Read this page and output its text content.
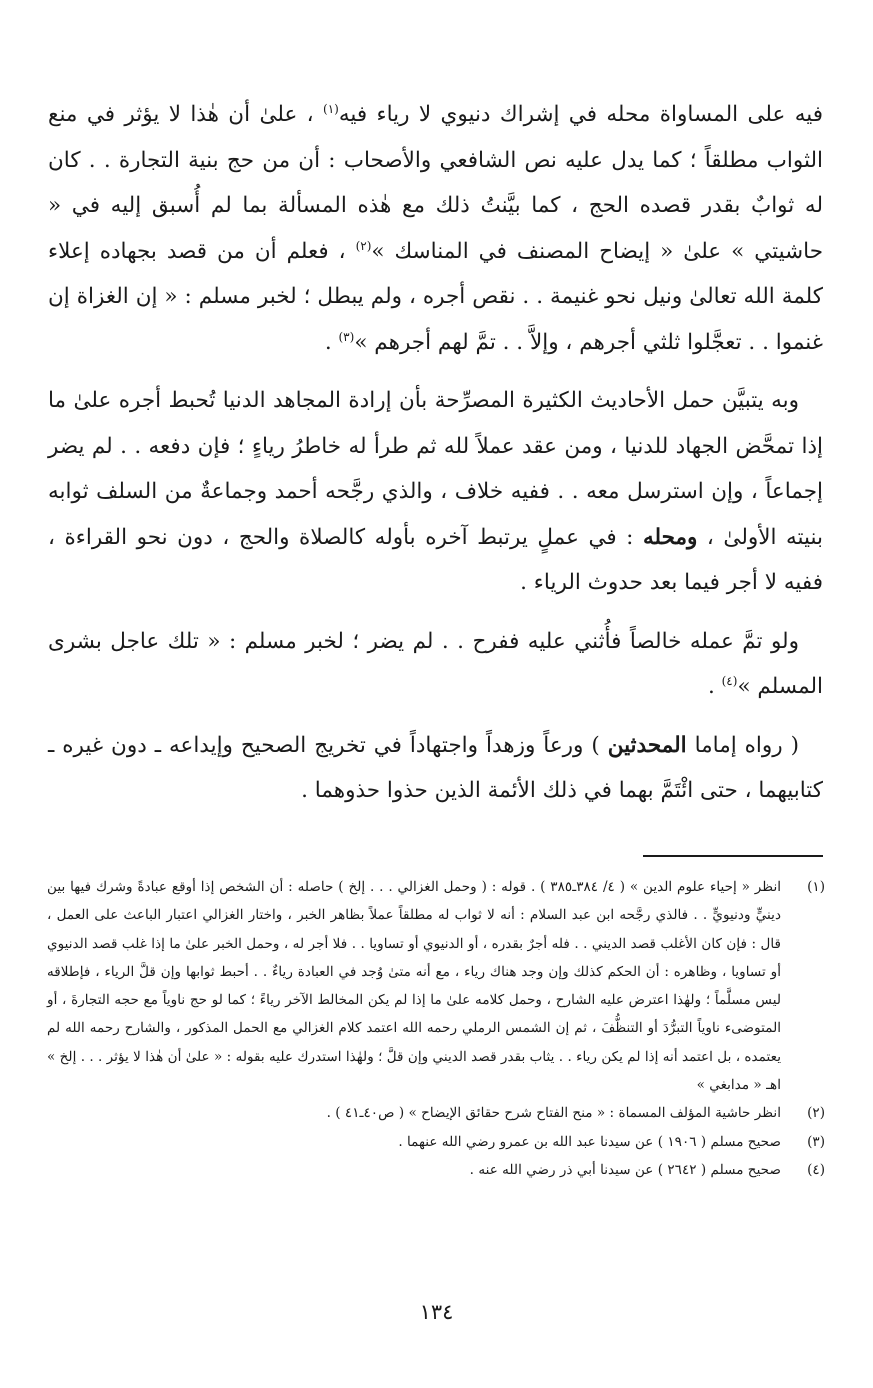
فيه على المساواة محله في إشراك دنيوي لا رياء فيه$^{(١)}$ ، علىٰ أن هٰذا لا يؤثر في منع الثواب مطلقاً ؛ كما يدل عليه نص الشافعي والأصحاب : أن من حج بنية التجارة . . كان له ثوابٌ بقدر قصده الحج ، كما بيَّنتُ ذلك مع هٰذه المسألة بما لم أُسبق إليه في « حاشيتي » علىٰ « إيضاح المصنف في المناسك »$^{(٢)}$ ، فعلم أن من قصد بجهاده إعلاء كلمة الله تعالىٰ ونيل نحو غنيمة . . نقص أجره ، ولم يبطل ؛ لخبر مسلم : « إن الغزاة إن غنموا . . تعجَّلوا ثلثي أجرهم ، وإلاَّ . . تمَّ لهم أجرهم »$^{(٣)}$ .

وبه يتبيَّن حمل الأحاديث الكثيرة المصرِّحة بأن إرادة المجاهد الدنيا تُحبط أجره علىٰ ما إذا تمحَّض الجهاد للدنيا ، ومن عقد عملاً لله ثم طرأ له خاطرُ رياءٍ ؛ فإن دفعه . . لم يضر إجماعاً ، وإن استرسل معه . . ففيه خلاف ، والذي رجَّحه أحمد وجماعةٌ من السلف ثوابه بنيته الأولىٰ ، ومحله : في عملٍ يرتبط آخره بأوله كالصلاة والحج ، دون نحو القراءة ، ففيه لا أجر فيما بعد حدوث الرياء .

ولو تمَّ عمله خالصاً فأُثني عليه ففرح . . لم يضر ؛ لخبر مسلم : « تلك عاجل بشرى المسلم »$^{(٤)}$ .

( رواه إماما المحدثين ) ورعاً وزهداً واجتهاداً في تخريج الصحيح وإيداعه ـ دون غيره ـ كتابيهما ، حتى ائْتَمَّ بهما في ذلك الأئمة الذين حذوا حذوهما .

(١)
انظر « إحياء علوم الدين » ( ٤/ ٣٨٤ـ٣٨٥ ) . قوله : ( وحمل الغزالي . . . إلخ ) حاصله : أن الشخص إذا أوقع عبادةً وشرك فيها بين دينيٍّ ودنيويٍّ . . فالذي رجَّحه ابن عبد السلام : أنه لا ثواب له مطلقاً عملاً بظاهر الخبر ، واختار الغزالي اعتبار الباعث على العمل ، قال : فإن كان الأغلب قصد الديني . . فله أجرٌ بقدره ، أو الدنيوي أو تساويا . . فلا أجر له ، وحمل الخبر علىٰ ما إذا غلب قصد الدنيوي أو تساويا ، وظاهره : أن الحكم كذلك وإن وجد هناك رياء ، مع أنه متىٰ وُجد في العبادة رياءٌ . . أحبط ثوابها وإن قلَّ الرياء ، فإطلاقه ليس مسلَّماً ؛ ولهٰذا اعترض عليه الشارح ، وحمل كلامه علىٰ ما إذا لم يكن المخالط الآخر رياءً ؛ كما لو حج ناوياً مع حجه التجارةَ ، أو المتوضىء ناوياً التبرُّدَ أو التنظُّفَ ، ثم إن الشمس الرملي رحمه الله اعتمد كلام الغزالي مع الحمل المذكور ، والشارح رحمه الله لم يعتمده ، بل اعتمد أنه إذا لم يكن رياء . . يثاب بقدر قصد الديني وإن قلَّ ؛ ولهٰذا استدرك عليه بقوله : « علىٰ أن هٰذا لا يؤثر . . . إلخ » اهـ « مدابغي »
(٢)
انظر حاشية المؤلف المسماة : « منح الفتاح شرح حقائق الإيضاح » ( ص٤٠ـ٤١ ) .
(٣)
صحيح مسلم ( ١٩٠٦ ) عن سيدنا عبد الله بن عمرو رضي الله عنهما .
(٤)
صحيح مسلم ( ٢٦٤٢ ) عن سيدنا أبي ذر رضي الله عنه .
١٣٤
